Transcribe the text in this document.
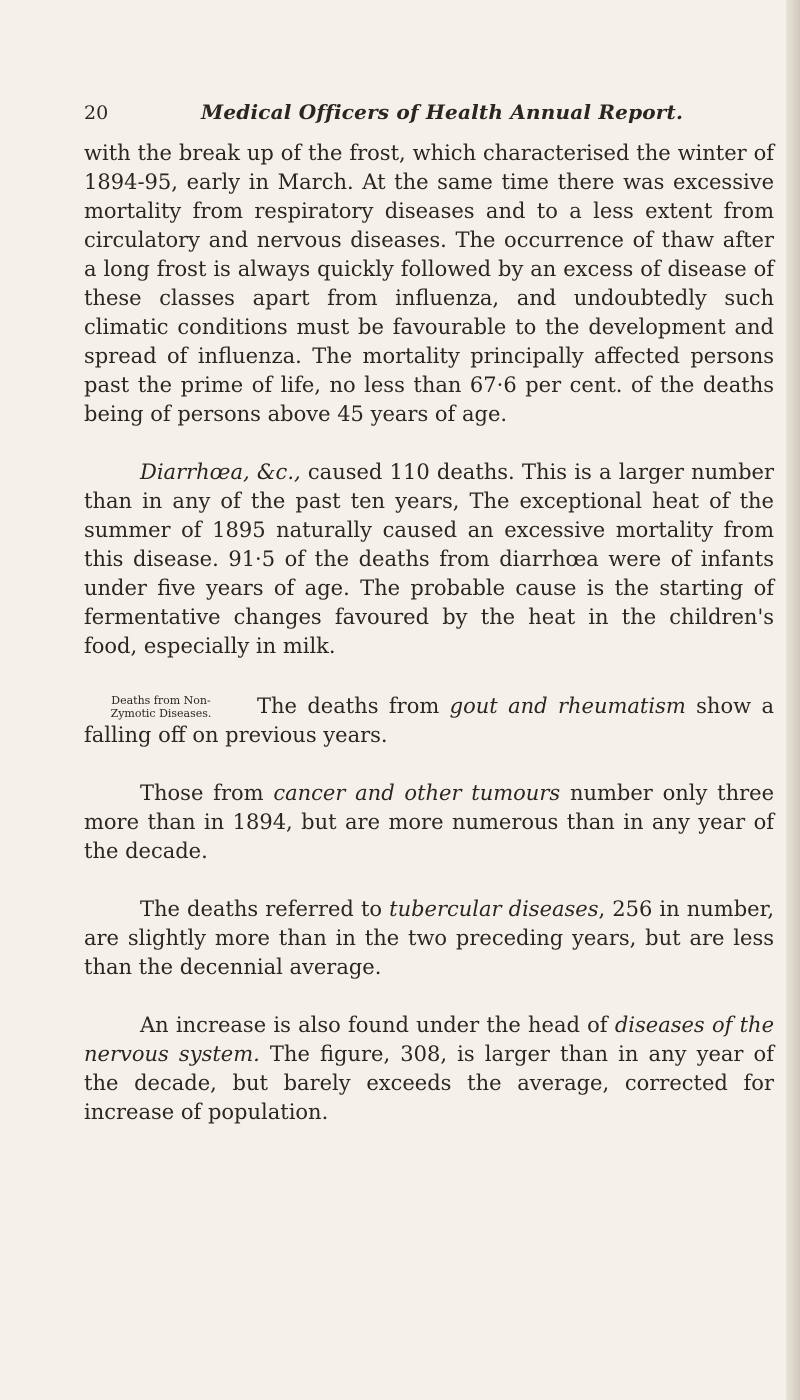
20	Medical Officers of Health Annual Report.

with the break up of the frost, which characterised the winter of 1894-95, early in March. At the same time there was excessive mortality from respiratory diseases and to a less extent from circulatory and nervous diseases. The occurrence of thaw after a long frost is always quickly followed by an excess of disease of these classes apart from influenza, and undoubtedly such climatic conditions must be favourable to the development and spread of influenza. The mortality principally affected persons past the prime of life, no less than 67·6 per cent. of the deaths being of persons above 45 years of age.

Diarrhœa, &c., caused 110 deaths. This is a larger number than in any of the past ten years, The exceptional heat of the summer of 1895 naturally caused an excessive mortality from this disease. 91·5 of the deaths from diarrhœa were of infants under five years of age. The probable cause is the starting of fermentative changes favoured by the heat in the children's food, especially in milk.

Deaths from Non-
Zymotic Diseases.	The deaths from gout and rheumatism show a falling off on previous years.

Those from cancer and other tumours number only three more than in 1894, but are more numerous than in any year of the decade.

The deaths referred to tubercular diseases, 256 in number, are slightly more than in the two preceding years, but are less than the decennial average.

An increase is also found under the head of diseases of the nervous system. The figure, 308, is larger than in any year of the decade, but barely exceeds the average, corrected for increase of population.
